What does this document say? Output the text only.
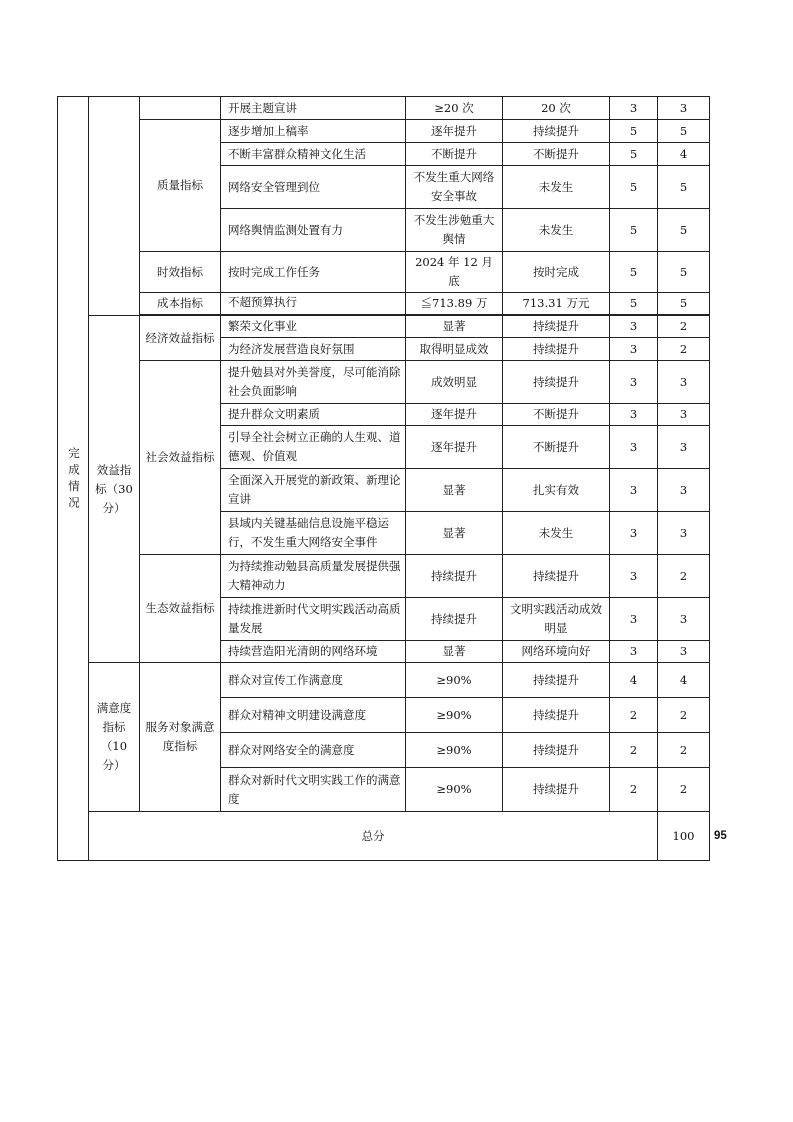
完成情况			开展主题宣讲	≥20 次	20 次	3	3	
		质量指标	逐步增加上稿率	逐年提升	持续提升	5	5	
			不断丰富群众精神文化生活	不断提升	不断提升	5	4	
			网络安全管理到位	不发生重大网络安全事故	未发生	5	5	
			网络舆情监测处置有力	不发生涉勉重大舆情	未发生	5	5	
		时效指标	按时完成工作任务	2024 年 12 月底	按时完成	5	5	
		成本指标	不超预算执行	≦713.89 万	713.31 万元	5	5	

	效益指标（30 分）	经济效益指标	繁荣文化事业	显著	持续提升	3	2	
			为经济发展营造良好氛围	取得明显成效	持续提升	3	2	
		社会效益指标	提升勉县对外美誉度，尽可能消除社会负面影响	成效明显	持续提升	3	3	
			提升群众文明素质	逐年提升	不断提升	3	3	
			引导全社会树立正确的人生观、道德观、价值观	逐年提升	不断提升	3	3	
			全面深入开展党的新政策、新理论宣讲	显著	扎实有效	3	3	
			县域内关键基础信息设施平稳运行，不发生重大网络安全事件	显著	未发生	3	3	
		生态效益指标	为持续推动勉县高质量发展提供强大精神动力	持续提升	持续提升	3	2	
			持续推进新时代文明实践活动高质量发展	持续提升	文明实践活动成效明显	3	3	
			持续营造阳光清朗的网络环境	显著	网络环境向好	3	3	
	满意度指标（10 分）	服务对象满意度指标	群众对宣传工作满意度	≥90%	持续提升	4	4	
			群众对精神文明建设满意度	≥90%	持续提升	2	2	
			群众对网络安全的满意度	≥90%	持续提升	2	2	
			群众对新时代文明实践工作的满意度	≥90%	持续提升	2	2	
	总分						100	95
